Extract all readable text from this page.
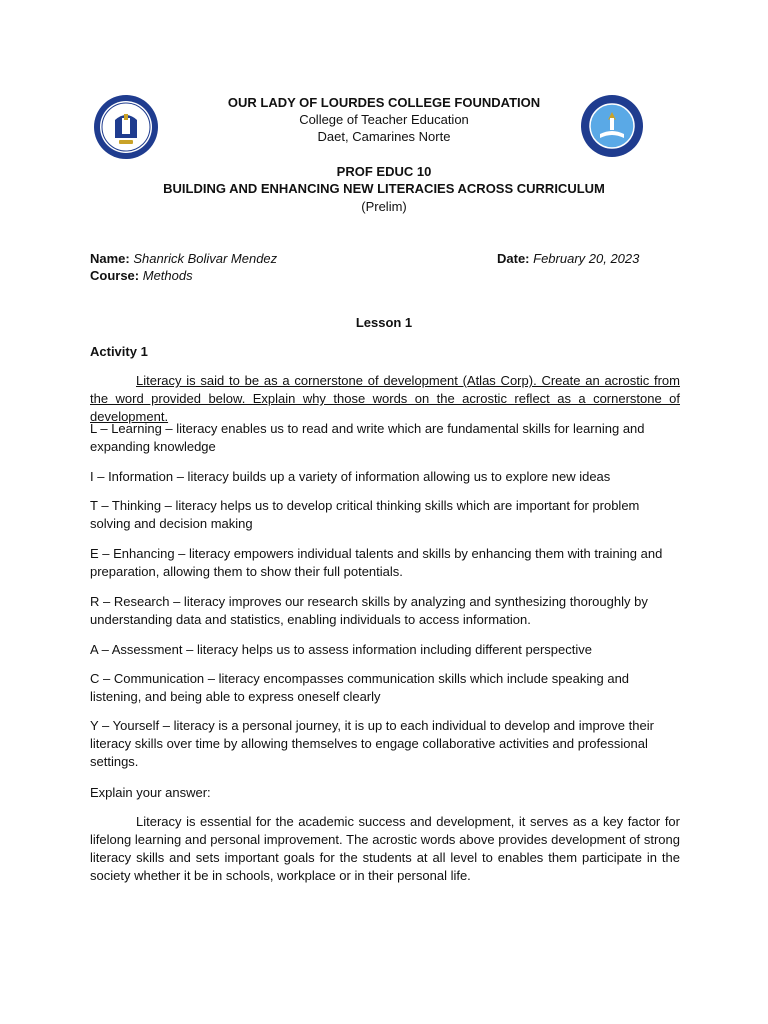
OUR LADY OF LOURDES COLLEGE FOUNDATION
College of Teacher Education
Daet, Camarines Norte
PROF EDUC 10
BUILDING AND ENHANCING NEW LITERACIES ACROSS CURRICULUM
(Prelim)
Name: Shanrick Bolivar Mendez
Course: Methods
Date: February 20, 2023
Lesson 1
Activity 1
Literacy is said to be as a cornerstone of development (Atlas Corp). Create an acrostic from the word provided below. Explain why those words on the acrostic reflect as a cornerstone of development.
L – Learning – literacy enables us to read and write which are fundamental skills for learning and expanding knowledge
I – Information – literacy builds up a variety of information allowing us to explore new ideas
T – Thinking – literacy helps us to develop critical thinking skills which are important for problem solving and decision making
E – Enhancing – literacy empowers individual talents and skills by enhancing them with training and preparation, allowing them to show their full potentials.
R – Research – literacy improves our research skills by analyzing and synthesizing thoroughly by understanding data and statistics, enabling individuals to access information.
A – Assessment – literacy helps us to assess information including different perspective
C – Communication – literacy encompasses communication skills which include speaking and listening, and being able to express oneself clearly
Y – Yourself – literacy is a personal journey, it is up to each individual to develop and improve their literacy skills over time by allowing themselves to engage collaborative activities and professional settings.
Explain your answer:
Literacy is essential for the academic success and development, it serves as a key factor for lifelong learning and personal improvement. The acrostic words above provides development of strong literacy skills and sets important goals for the students at all level to enables them participate in the society whether it be in schools, workplace or in their personal life.
